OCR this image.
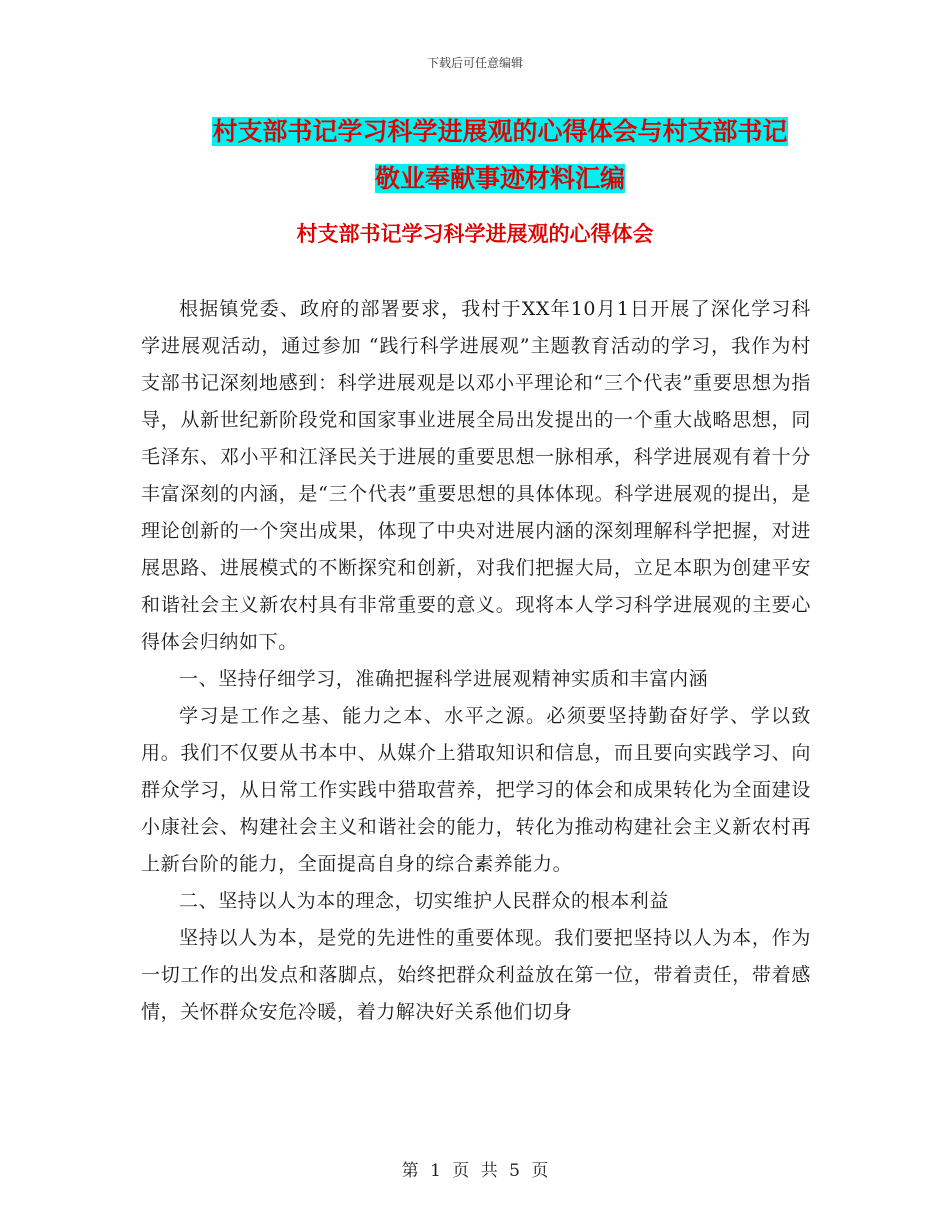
下载后可任意编辑
村支部书记学习科学进展观的心得体会与村支部书记
敬业奉献事迹材料汇编
村支部书记学习科学进展观的心得体会

根据镇党委、政府的部署要求，我村于XX年10月1日开展了深化学习科学进展观活动，通过参加 “践行科学进展观”主题教育活动的学习，我作为村支部书记深刻地感到：科学进展观是以邓小平理论和“三个代表”重要思想为指导，从新世纪新阶段党和国家事业进展全局出发提出的一个重大战略思想，同毛泽东、邓小平和江泽民关于进展的重要思想一脉相承，科学进展观有着十分丰富深刻的内涵，是“三个代表”重要思想的具体体现。科学进展观的提出，是理论创新的一个突出成果，体现了中央对进展内涵的深刻理解科学把握，对进展思路、进展模式的不断探究和创新，对我们把握大局，立足本职为创建平安和谐社会主义新农村具有非常重要的意义。现将本人学习科学进展观的主要心得体会归纳如下。

一、坚持仔细学习，准确把握科学进展观精神实质和丰富内涵

学习是工作之基、能力之本、水平之源。必须要坚持勤奋好学、学以致用。我们不仅要从书本中、从媒介上猎取知识和信息，而且要向实践学习、向群众学习，从日常工作实践中猎取营养，把学习的体会和成果转化为全面建设小康社会、构建社会主义和谐社会的能力，转化为推动构建社会主义新农村再上新台阶的能力，全面提高自身的综合素养能力。

二、坚持以人为本的理念，切实维护人民群众的根本利益

坚持以人为本，是党的先进性的重要体现。我们要把坚持以人为本，作为一切工作的出发点和落脚点，始终把群众利益放在第一位，带着责任，带着感情，关怀群众安危冷暖，着力解决好关系他们切身

第 1 页 共 5 页
